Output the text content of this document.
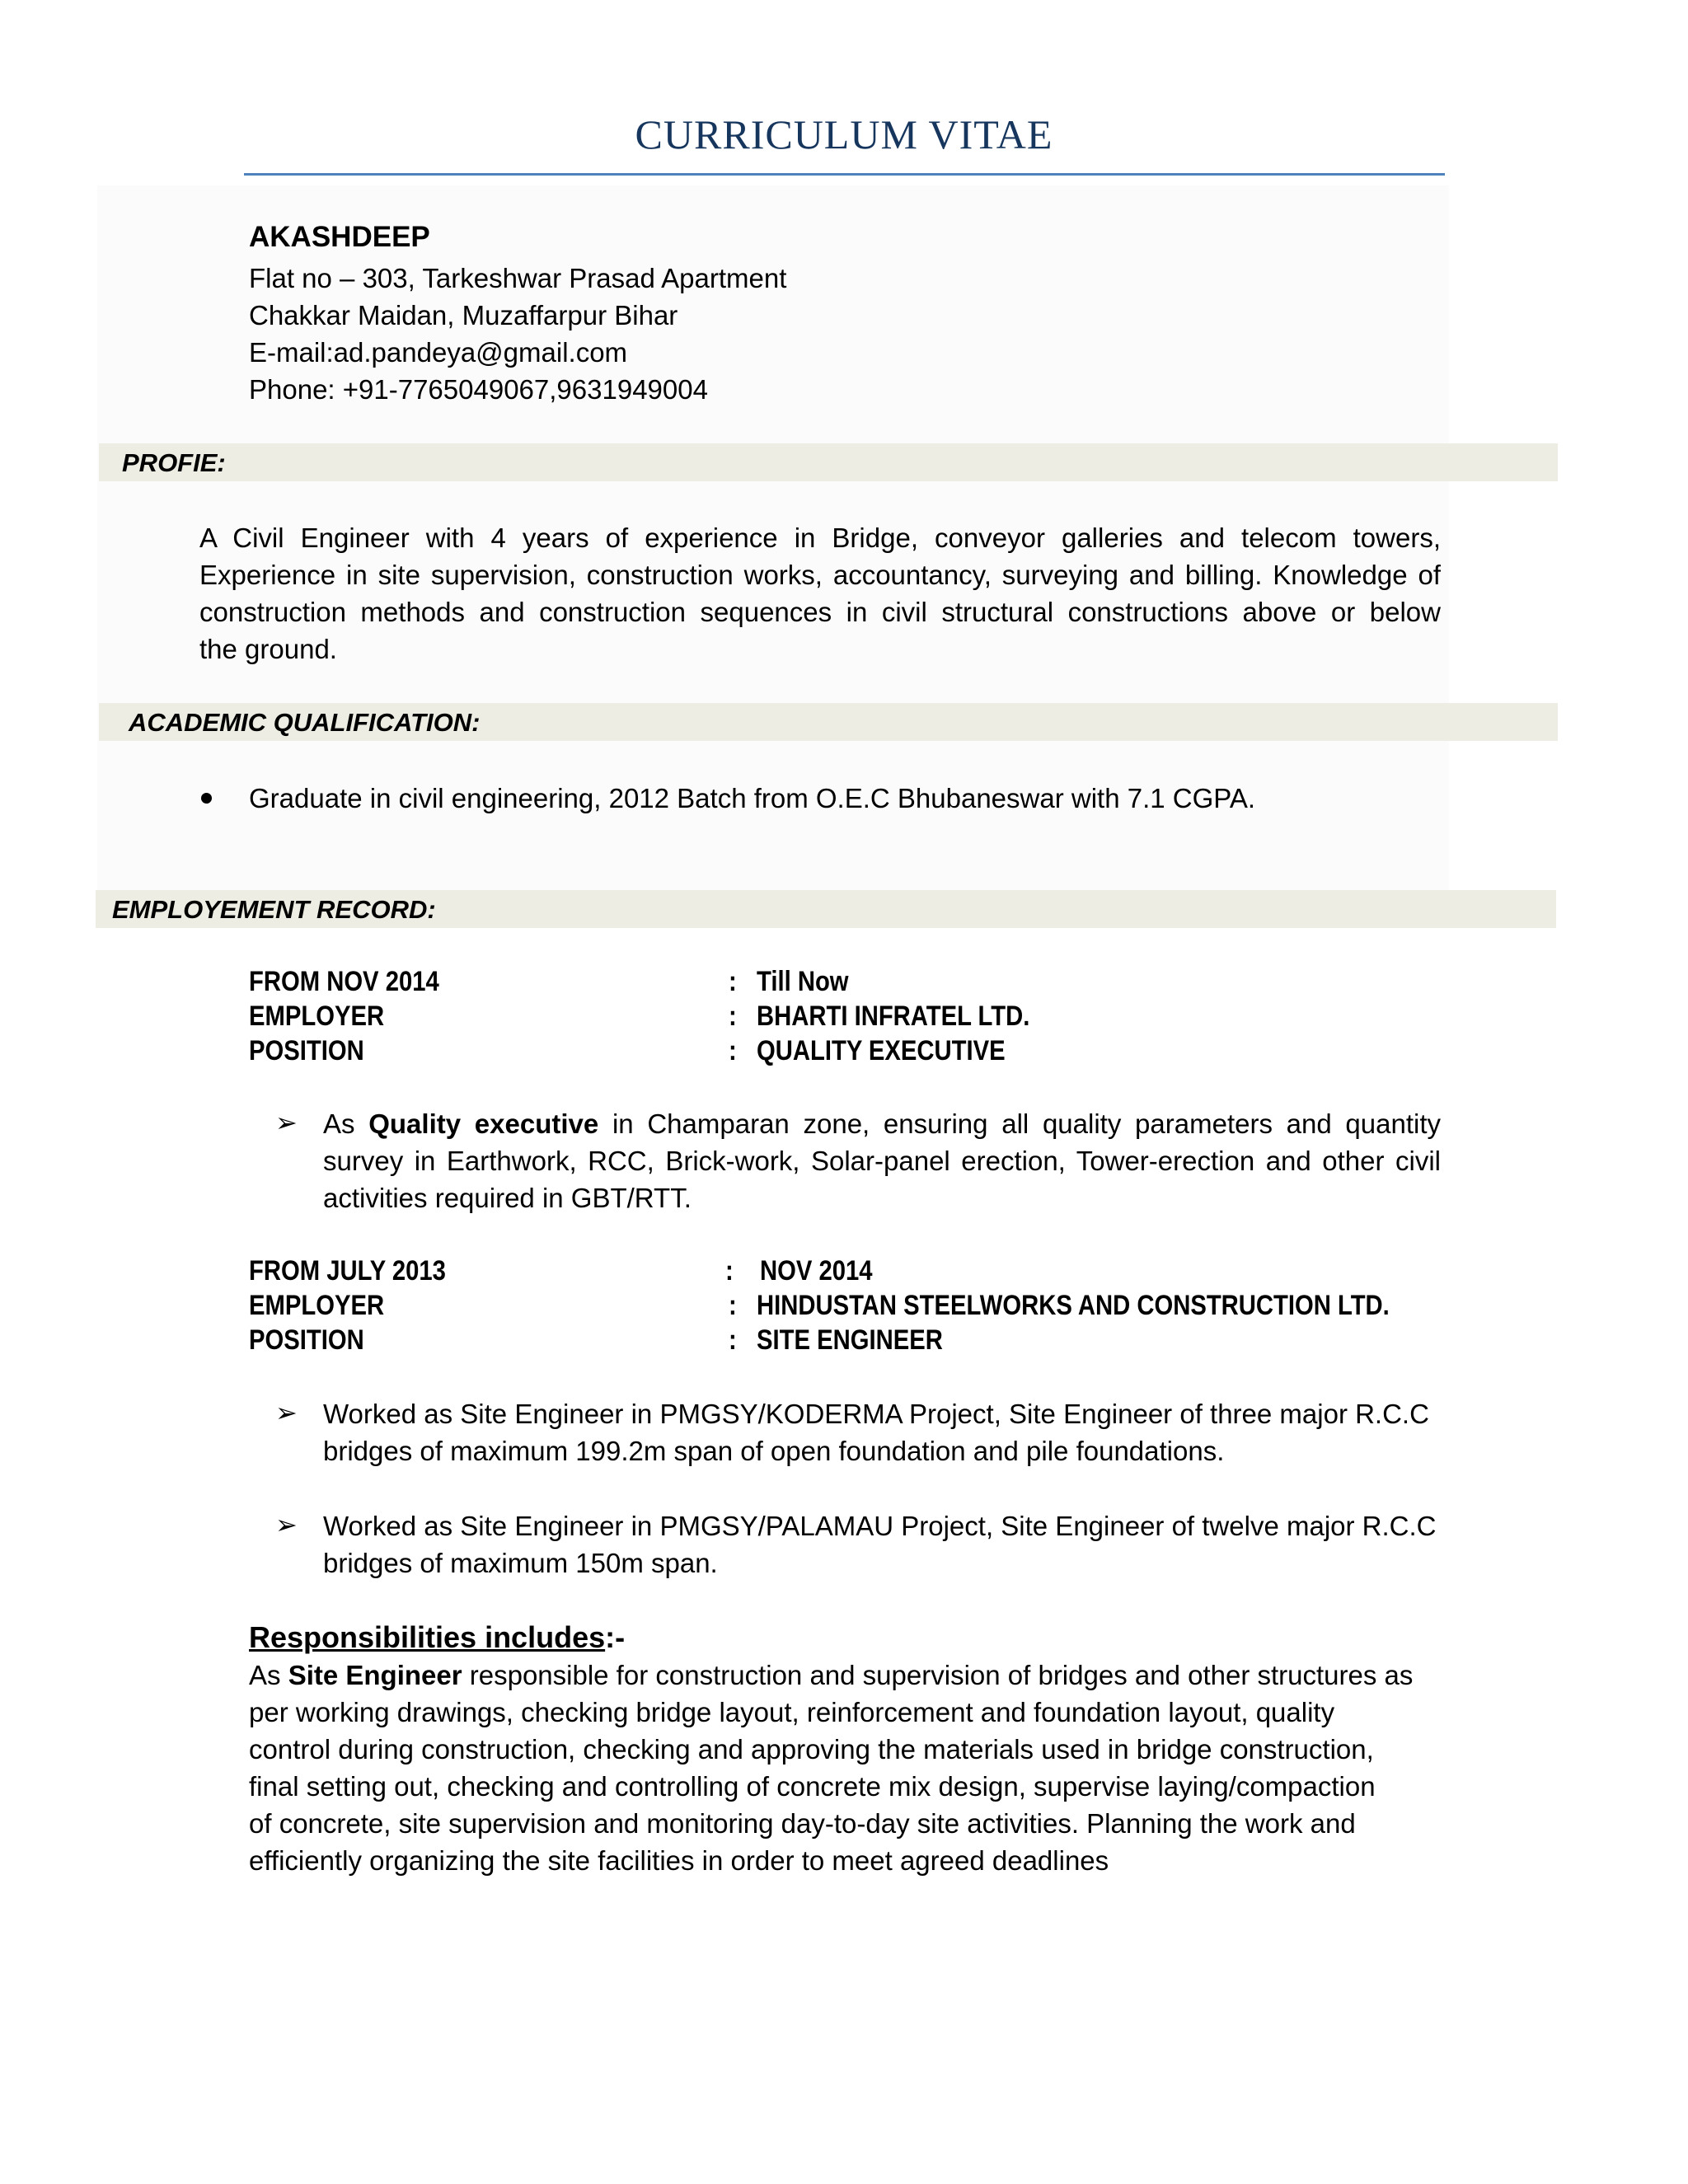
CURRICULUM VITAE
AKASHDEEP
Flat no – 303, Tarkeshwar Prasad Apartment
Chakkar Maidan, Muzaffarpur Bihar
E-mail:ad.pandeya@gmail.com
Phone: +91-7765049067,9631949004
PROFIE:
A Civil Engineer with 4 years of experience in Bridge, conveyor galleries and telecom towers,
Experience in site supervision, construction works, accountancy, surveying and billing. Knowledge of
construction methods and construction sequences in civil structural constructions above or below
the ground.
ACADEMIC QUALIFICATION:
Graduate in civil engineering, 2012 Batch from O.E.C Bhubaneswar with 7.1 CGPA.
EMPLOYEMENT RECORD:
FROM NOV 2014	: Till Now
EMPLOYER	: BHARTI INFRATEL LTD.
POSITION	: QUALITY EXECUTIVE
➢ As Quality executive in Champaran zone, ensuring all quality parameters and quantity
survey in Earthwork, RCC, Brick-work, Solar-panel erection, Tower-erection and other civil
activities required in GBT/RTT.
FROM JULY 2013	: NOV 2014
EMPLOYER	: HINDUSTAN STEELWORKS AND CONSTRUCTION LTD.
POSITION	: SITE ENGINEER
➢ Worked as Site Engineer in PMGSY/KODERMA Project, Site Engineer of three major R.C.C
bridges of maximum 199.2m span of open foundation and pile foundations.
➢ Worked as Site Engineer in PMGSY/PALAMAU Project, Site Engineer of twelve major R.C.C
bridges of maximum 150m span.
Responsibilities includes:-
As Site Engineer responsible for construction and supervision of bridges and other structures as
per working drawings, checking bridge layout, reinforcement and foundation layout, quality
control during construction, checking and approving the materials used in bridge construction,
final setting out, checking and controlling of concrete mix design, supervise laying/compaction
of concrete, site supervision and monitoring day-to-day site activities. Planning the work and
efficiently organizing the site facilities in order to meet agreed deadlines
